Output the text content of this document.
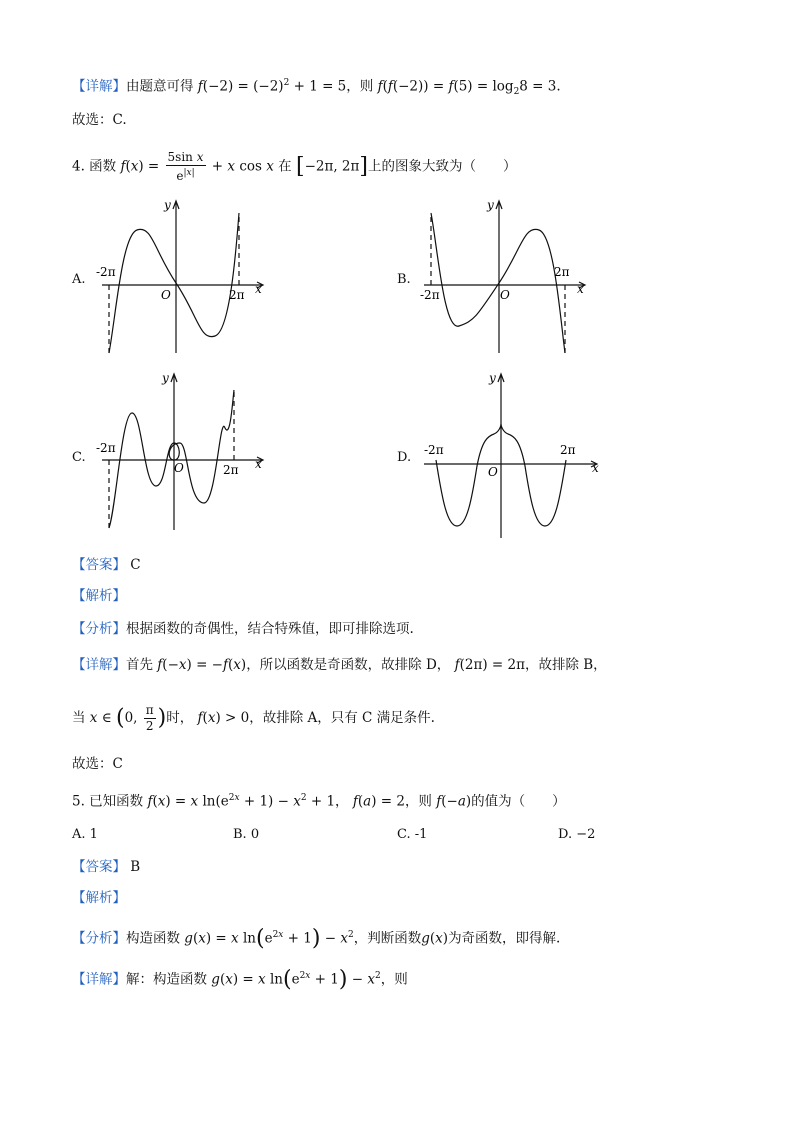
【详解】由题意可得 $f(-2) = (-2)^2 + 1 = 5$，则 $f(f(-2)) = f(5) = \log_28 = 3$.
故选：C.
4. 函数 $f(x) = \frac{\text{5sin x}}{e^{|x|}} + x$ cos x 在 [−2π, 2π]上的图象大致为（　　）
A.	B.
C.	D.
-2π
2π
O	x
y
-2π
2π
O	x
y
-2π
2π
O	x
y
-2π	2π
O	x
y
【答案】 C
【解析】
【分析】根据函数的奇偶性，结合特殊值，即可排除选项.
【详解】首先 f(−x) = −f(x)，所以函数是奇函数，故排除 D， f(2π) = 2π，故排除 B，
当 x ∈ (0, $\frac{\pi}{2}$ )时， f(x) > 0，故排除 A，只有 C 满足条件.
故选：C
5. 已知函数 f(x) = x $\ln(e^{2x} + 1) - x^2 + 1$， f(a) = 2，则 f(−a)的值为（　　）
A. 1	B. 0	C. -1	D. −2
【答案】 B
【解析】
【分析】构造函数 g(x) = x $\ln(e^{2x} + 1) - x^2$，判断函数g(x)为奇函数，即得解.
【详解】解：构造函数 g(x) = x $\ln(e^{2x} + 1) - x^2$，则
